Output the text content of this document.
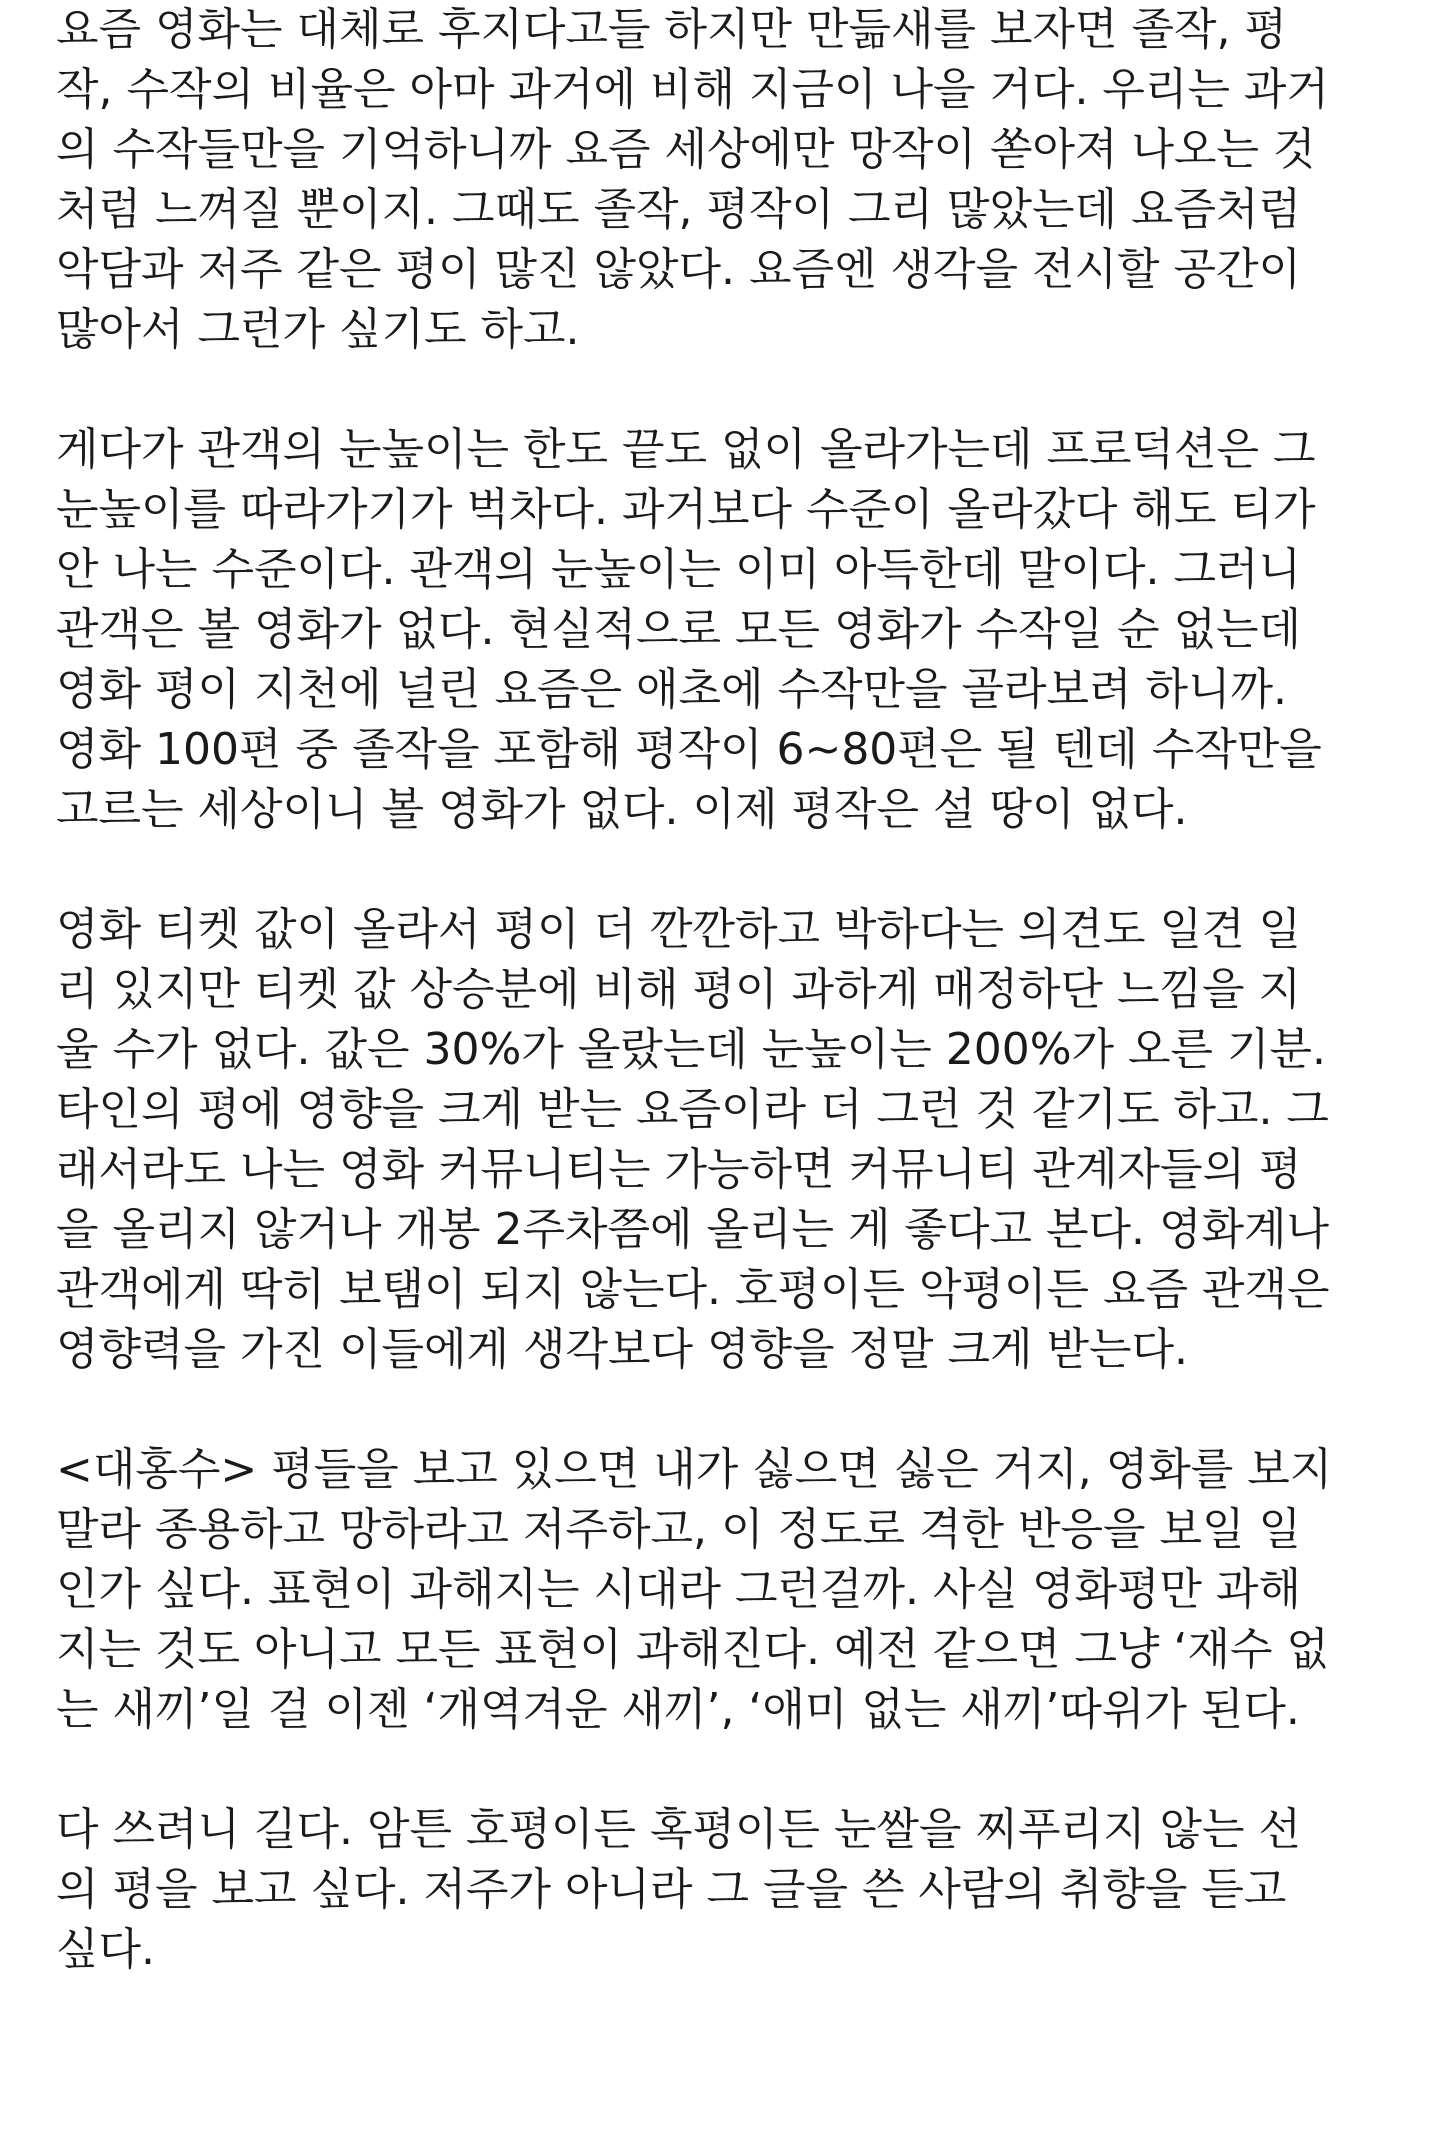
요즘 영화는 대체로 후지다고들 하지만 만듦새를 보자면 졸작, 평
작, 수작의 비율은 아마 과거에 비해 지금이 나을 거다. 우리는 과거
의 수작들만을 기억하니까 요즘 세상에만 망작이 쏟아져 나오는 것
처럼 느껴질 뿐이지. 그때도 졸작, 평작이 그리 많았는데 요즘처럼
악담과 저주 같은 평이 많진 않았다. 요즘엔 생각을 전시할 공간이
많아서 그런가 싶기도 하고.

게다가 관객의 눈높이는 한도 끝도 없이 올라가는데 프로덕션은 그
눈높이를 따라가기가 벅차다. 과거보다 수준이 올라갔다 해도 티가
안 나는 수준이다. 관객의 눈높이는 이미 아득한데 말이다. 그러니
관객은 볼 영화가 없다. 현실적으로 모든 영화가 수작일 순 없는데
영화 평이 지천에 널린 요즘은 애초에 수작만을 골라보려 하니까.
영화 100편 중 졸작을 포함해 평작이 6~80편은 될 텐데 수작만을
고르는 세상이니 볼 영화가 없다. 이제 평작은 설 땅이 없다.

영화 티켓 값이 올라서 평이 더 깐깐하고 박하다는 의견도 일견 일
리 있지만 티켓 값 상승분에 비해 평이 과하게 매정하단 느낌을 지
울 수가 없다. 값은 30%가 올랐는데 눈높이는 200%가 오른 기분.
타인의 평에 영향을 크게 받는 요즘이라 더 그런 것 같기도 하고. 그
래서라도 나는 영화 커뮤니티는 가능하면 커뮤니티 관계자들의 평
을 올리지 않거나 개봉 2주차쯤에 올리는 게 좋다고 본다. 영화계나
관객에게 딱히 보탬이 되지 않는다. 호평이든 악평이든 요즘 관객은
영향력을 가진 이들에게 생각보다 영향을 정말 크게 받는다.

<대홍수> 평들을 보고 있으면 내가 싫으면 싫은 거지, 영화를 보지
말라 종용하고 망하라고 저주하고, 이 정도로 격한 반응을 보일 일
인가 싶다. 표현이 과해지는 시대라 그런걸까. 사실 영화평만 과해
지는 것도 아니고 모든 표현이 과해진다. 예전 같으면 그냥 ‘재수 없
는 새끼’일 걸 이젠 ‘개역겨운 새끼’, ‘애미 없는 새끼’따위가 된다.

다 쓰려니 길다. 암튼 호평이든 혹평이든 눈쌀을 찌푸리지 않는 선
의 평을 보고 싶다. 저주가 아니라 그 글을 쓴 사람의 취향을 듣고
싶다.
